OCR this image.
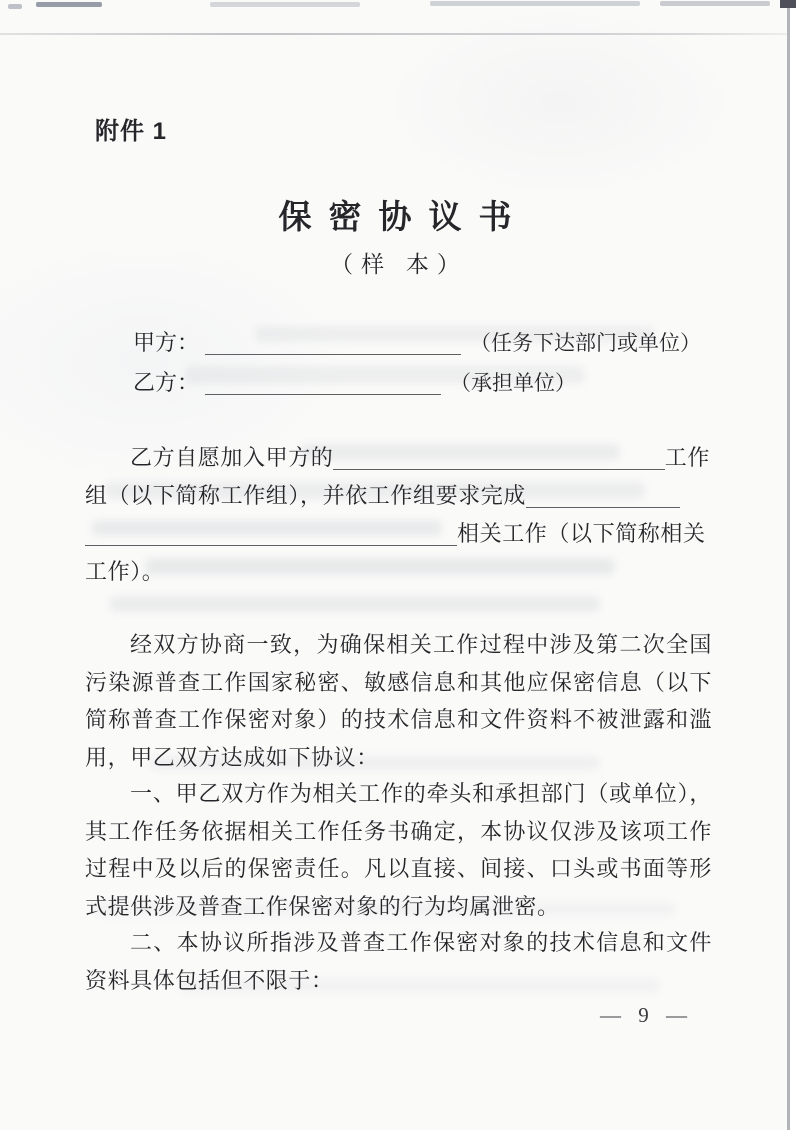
附件 1
保密协议书
（样 本）
甲方：	（任务下达部门或单位）
乙方：	（承担单位）
乙方自愿加入甲方的	工作
组（以下简称工作组），并依工作组要求完成
相关工作（以下简称相关
工作）。

经双方协商一致，为确保相关工作过程中涉及第二次全国污染源普查工作国家秘密、敏感信息和其他应保密信息（以下简称普查工作保密对象）的技术信息和文件资料不被泄露和滥用，甲乙双方达成如下协议：

一、甲乙双方作为相关工作的牵头和承担部门（或单位），其工作任务依据相关工作任务书确定，本协议仅涉及该项工作过程中及以后的保密责任。凡以直接、间接、口头或书面等形式提供涉及普查工作保密对象的行为均属泄密。

二、本协议所指涉及普查工作保密对象的技术信息和文件资料具体包括但不限于：

— 9 —
